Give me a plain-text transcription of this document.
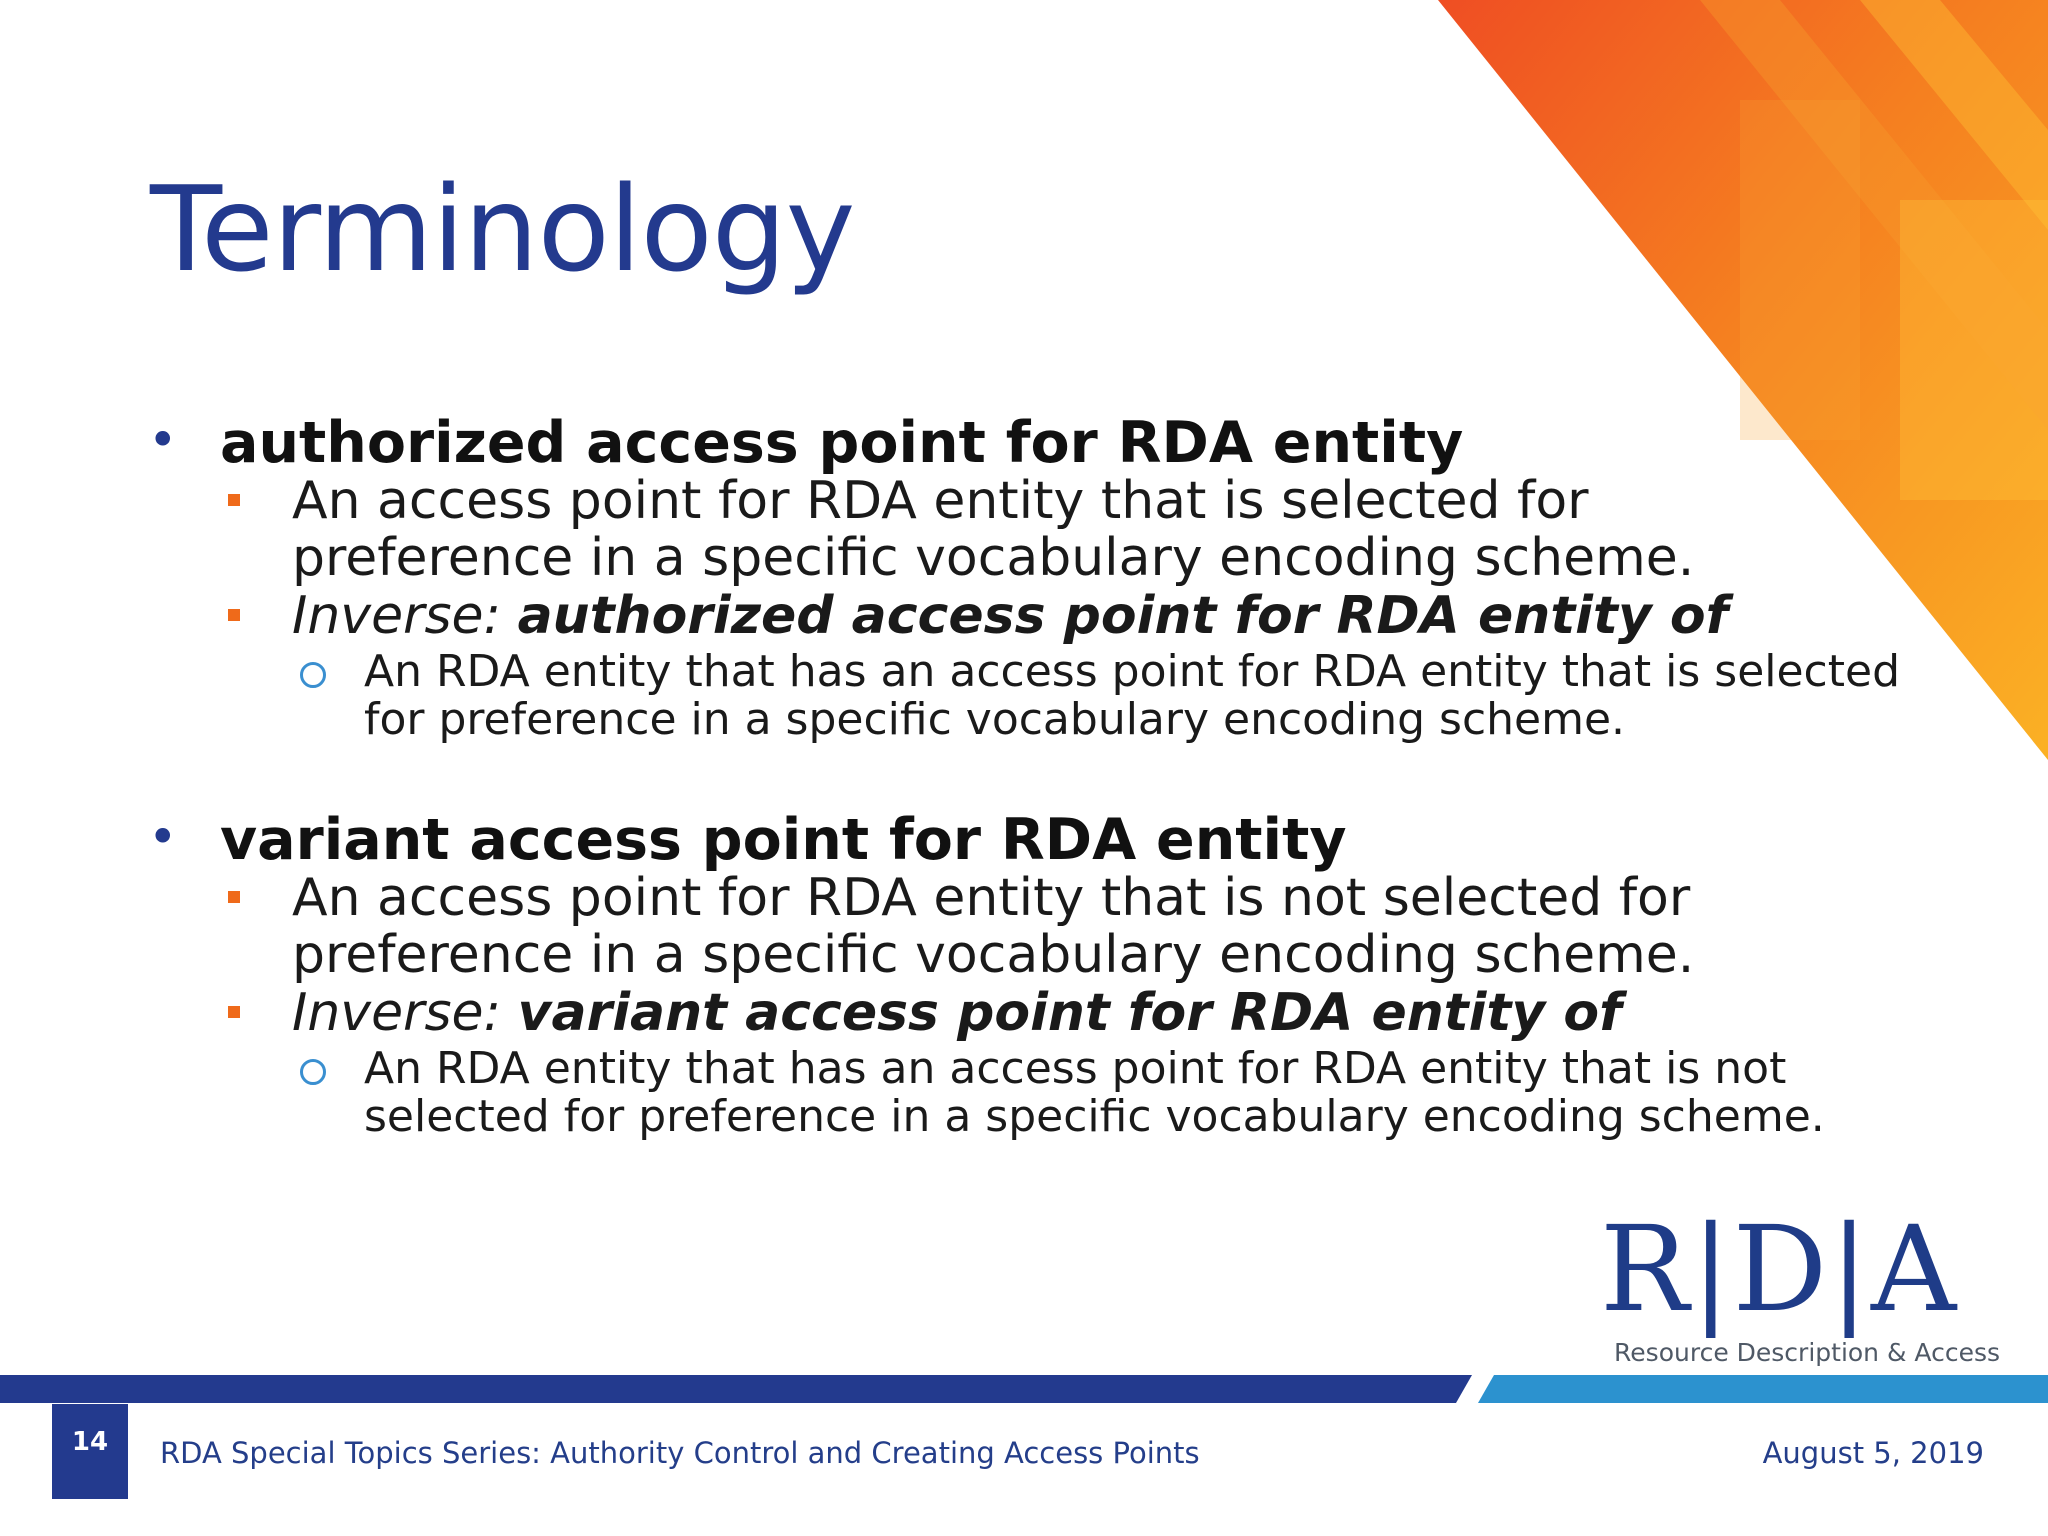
Terminology
• authorized access point for RDA entity
An access point for RDA entity that is selected for preference in a specific vocabulary encoding scheme.
Inverse: authorized access point for RDA entity of
An RDA entity that has an access point for RDA entity that is selected for preference in a specific vocabulary encoding scheme.
• variant access point for RDA entity
An access point for RDA entity that is not selected for preference in a specific vocabulary encoding scheme.
Inverse: variant access point for RDA entity of
An RDA entity that has an access point for RDA entity that is not selected for preference in a specific vocabulary encoding scheme.
R|D|A
Resource Description & Access
14	RDA Special Topics Series: Authority Control and Creating Access Points	August 5, 2019
